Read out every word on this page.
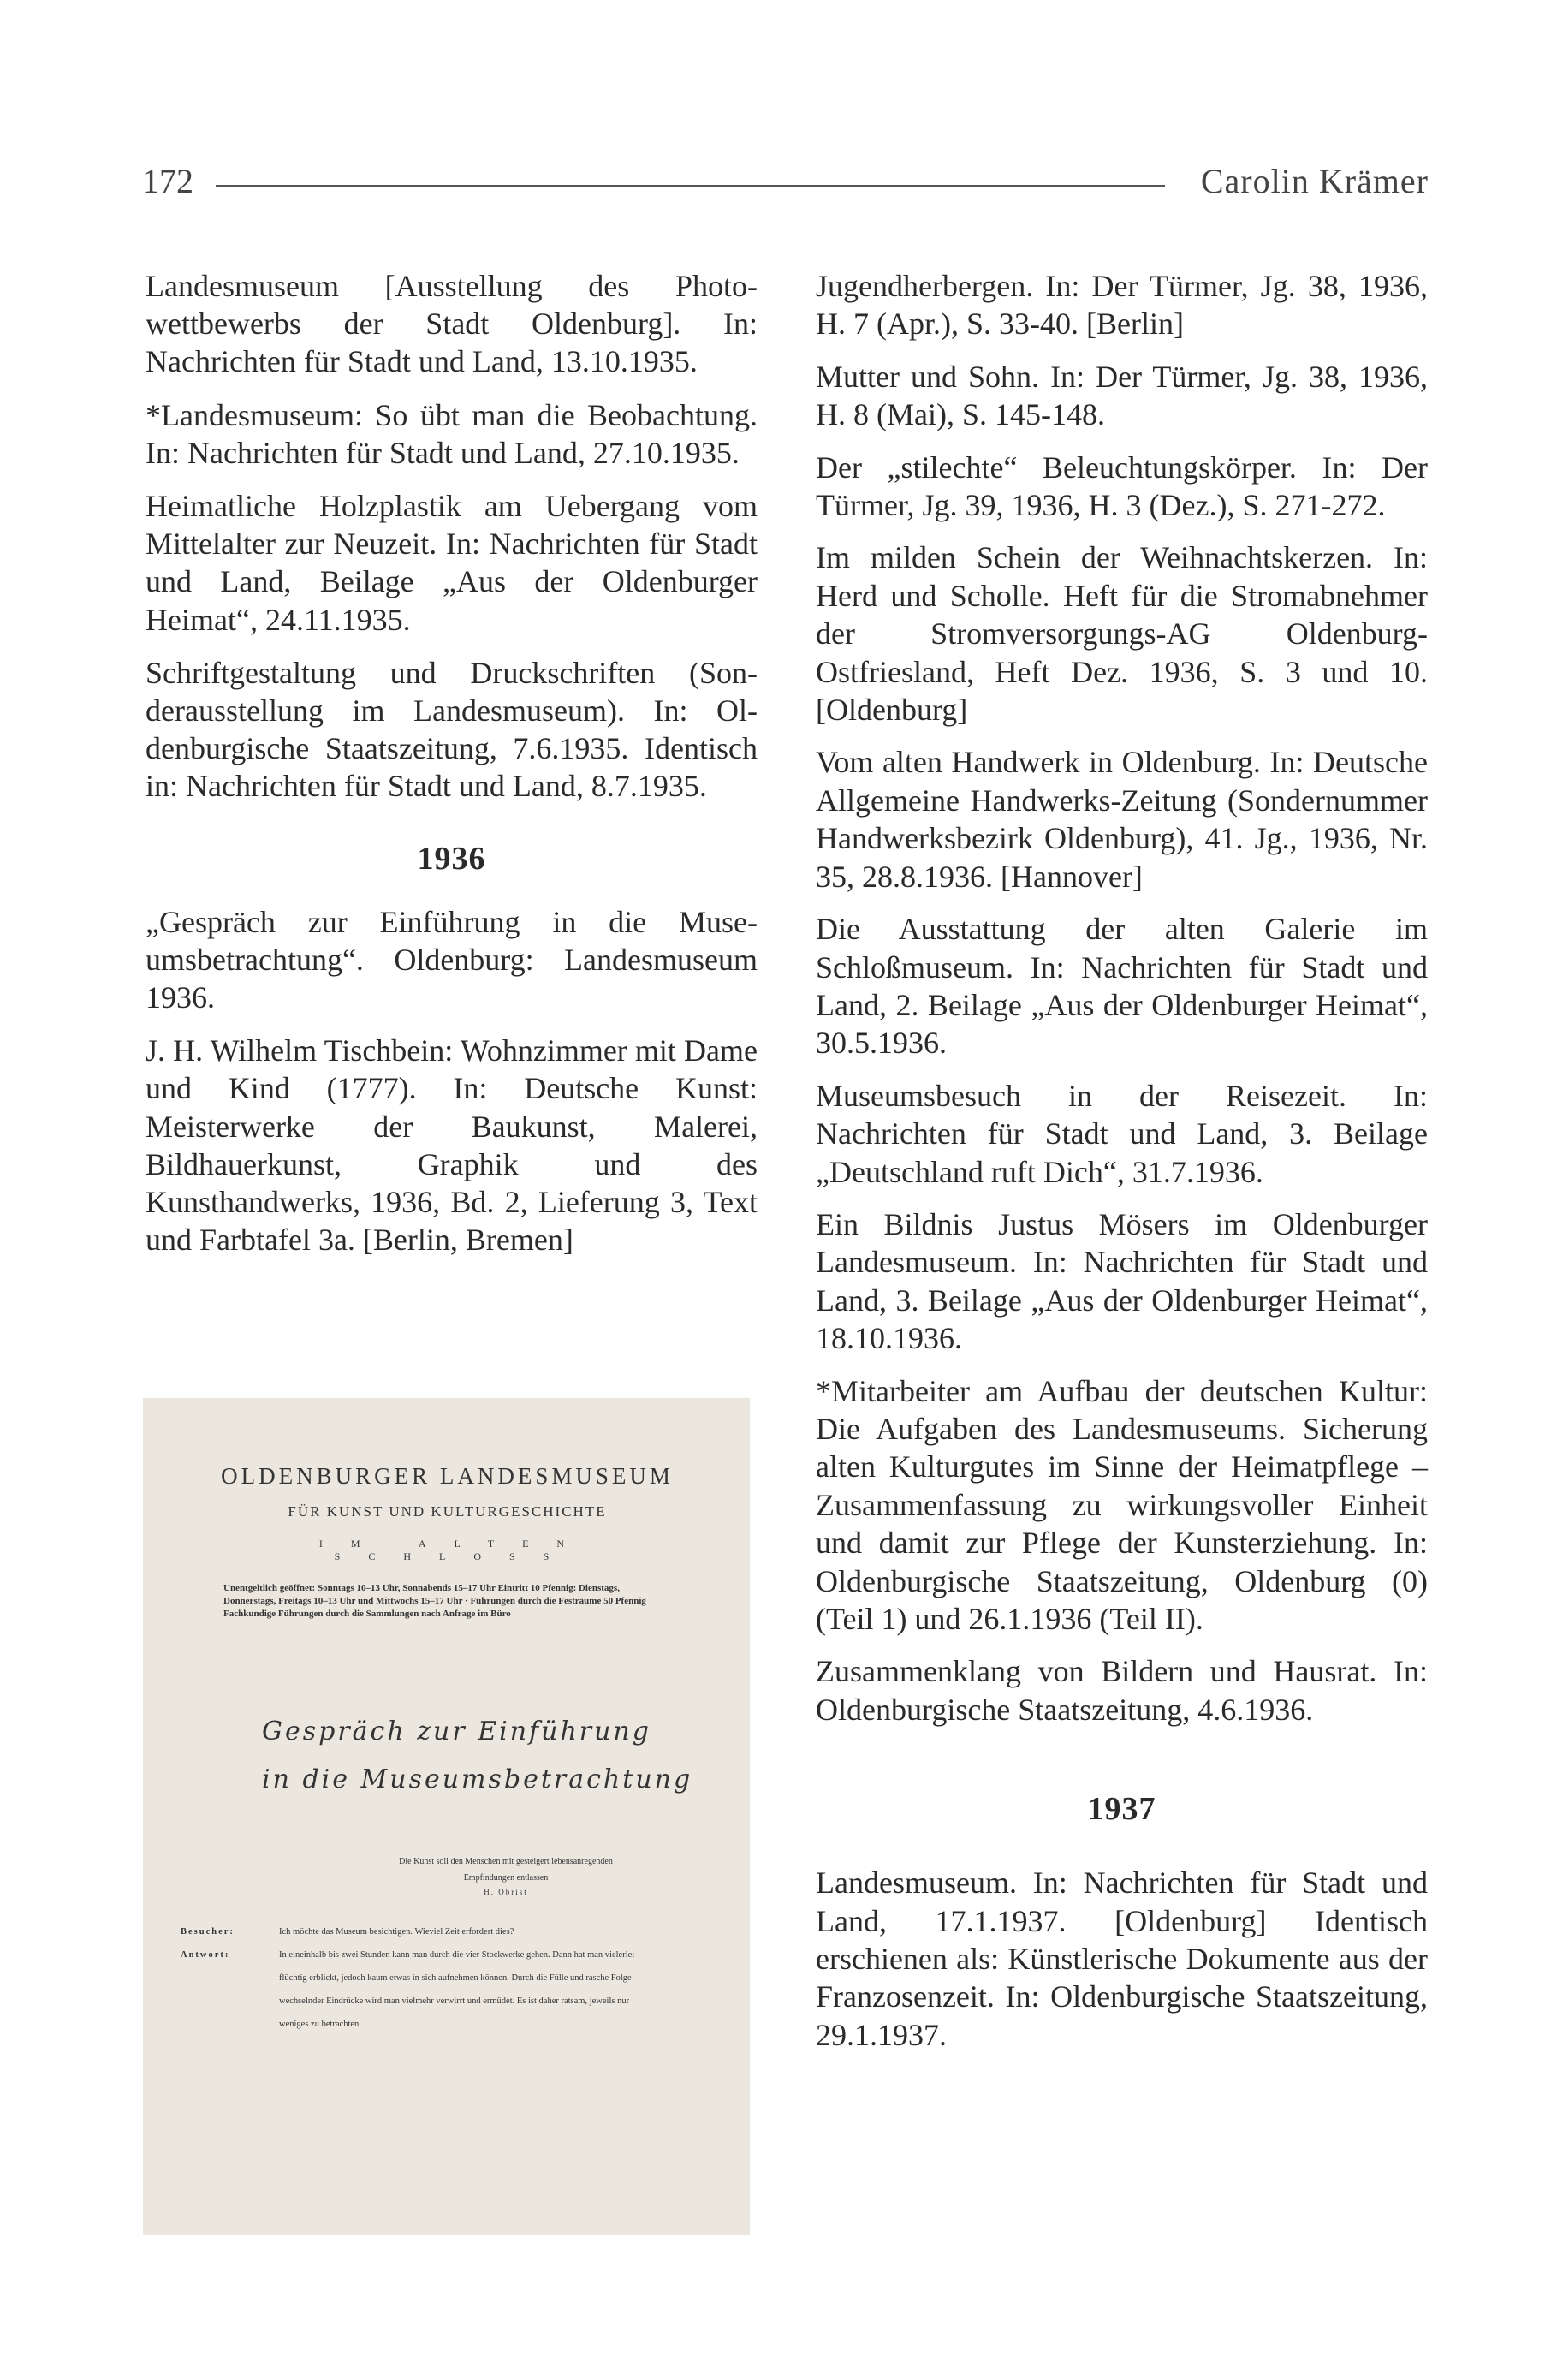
172	Carolin Krämer

Landesmuseum [Ausstellung des Photowettbewerbs der Stadt Oldenburg]. In: Nachrichten für Stadt und Land, 13.10.1935.

*Landesmuseum: So übt man die Beobachtung. In: Nachrichten für Stadt und Land, 27.10.1935.

Heimatliche Holzplastik am Uebergang vom Mittelalter zur Neuzeit. In: Nachrichten für Stadt und Land, Beilage „Aus der Oldenburger Heimat“, 24.11.1935.

Schriftgestaltung und Druckschriften (Sonderausstellung im Landesmuseum). In: Oldenburgische Staatszeitung, 7.6.1935. Identisch in: Nachrichten für Stadt und Land, 8.7.1935.

1936

„Gespräch zur Einführung in die Museumsbetrachtung“. Oldenburg: Landesmuseum 1936.

J. H. Wilhelm Tischbein: Wohnzimmer mit Dame und Kind (1777). In: Deutsche Kunst: Meisterwerke der Baukunst, Malerei, Bildhauerkunst, Graphik und des Kunsthandwerks, 1936, Bd. 2, Lieferung 3, Text und Farbtafel 3a. [Berlin, Bremen]

OLDENBURGER LANDESMUSEUM
FÜR KUNST UND KULTURGESCHICHTE
IM ALTEN SCHLOSS
Unentgeltlich geöffnet: Sonntags 10–13 Uhr, Sonnabends 15–17 Uhr Eintritt 10 Pfennig: Dienstags, Donnerstags, Freitags 10–13 Uhr und Mittwochs 15–17 Uhr · Führungen durch die Festräume 50 Pfennig Fachkundige Führungen durch die Sammlungen nach Anfrage im Büro
Gespräch zur Einführung
in die Museumsbetrachtung
Die Kunst soll den Menschen mit gesteigert lebensanregenden Empfindungen entlassen
H. Obrist
Besucher:	Ich möchte das Museum besichtigen. Wieviel Zeit erfordert dies?
Antwort:	In eineinhalb bis zwei Stunden kann man durch die vier Stockwerke gehen. Dann hat man vielerlei flüchtig erblickt, jedoch kaum etwas in sich aufnehmen können. Durch die Fülle und rasche Folge wechselnder Eindrücke wird man vielmehr verwirrt und ermüdet. Es ist daher ratsam, jeweils nur weniges zu betrachten.

Jugendherbergen. In: Der Türmer, Jg. 38, 1936, H. 7 (Apr.), S. 33-40. [Berlin]

Mutter und Sohn. In: Der Türmer, Jg. 38, 1936, H. 8 (Mai), S. 145-148.

Der „stilechte“ Beleuchtungskörper. In: Der Türmer, Jg. 39, 1936, H. 3 (Dez.), S. 271-272.

Im milden Schein der Weihnachtskerzen. In: Herd und Scholle. Heft für die Stromabnehmer der Stromversorgungs-AG Oldenburg-Ostfriesland, Heft Dez. 1936, S. 3 und 10. [Oldenburg]

Vom alten Handwerk in Oldenburg. In: Deutsche Allgemeine Handwerks-Zeitung (Sondernummer Handwerksbezirk Oldenburg), 41. Jg., 1936, Nr. 35, 28.8.1936. [Hannover]

Die Ausstattung der alten Galerie im Schloßmuseum. In: Nachrichten für Stadt und Land, 2. Beilage „Aus der Oldenburger Heimat“, 30.5.1936.

Museumsbesuch in der Reisezeit. In: Nachrichten für Stadt und Land, 3. Beilage „Deutschland ruft Dich“, 31.7.1936.

Ein Bildnis Justus Mösers im Oldenburger Landesmuseum. In: Nachrichten für Stadt und Land, 3. Beilage „Aus der Oldenburger Heimat“, 18.10.1936.

*Mitarbeiter am Aufbau der deutschen Kultur: Die Aufgaben des Landesmuseums. Sicherung alten Kulturgutes im Sinne der Heimatpflege – Zusammenfassung zu wirkungsvoller Einheit und damit zur Pflege der Kunsterziehung. In: Oldenburgische Staatszeitung, Oldenburg (0) (Teil 1) und 26.1.1936 (Teil II).

Zusammenklang von Bildern und Hausrat. In: Oldenburgische Staatszeitung, 4.6.1936.

1937

Landesmuseum. In: Nachrichten für Stadt und Land, 17.1.1937. [Oldenburg] Identisch erschienen als: Künstlerische Dokumente aus der Franzosenzeit. In: Oldenburgische Staatszeitung, 29.1.1937.
